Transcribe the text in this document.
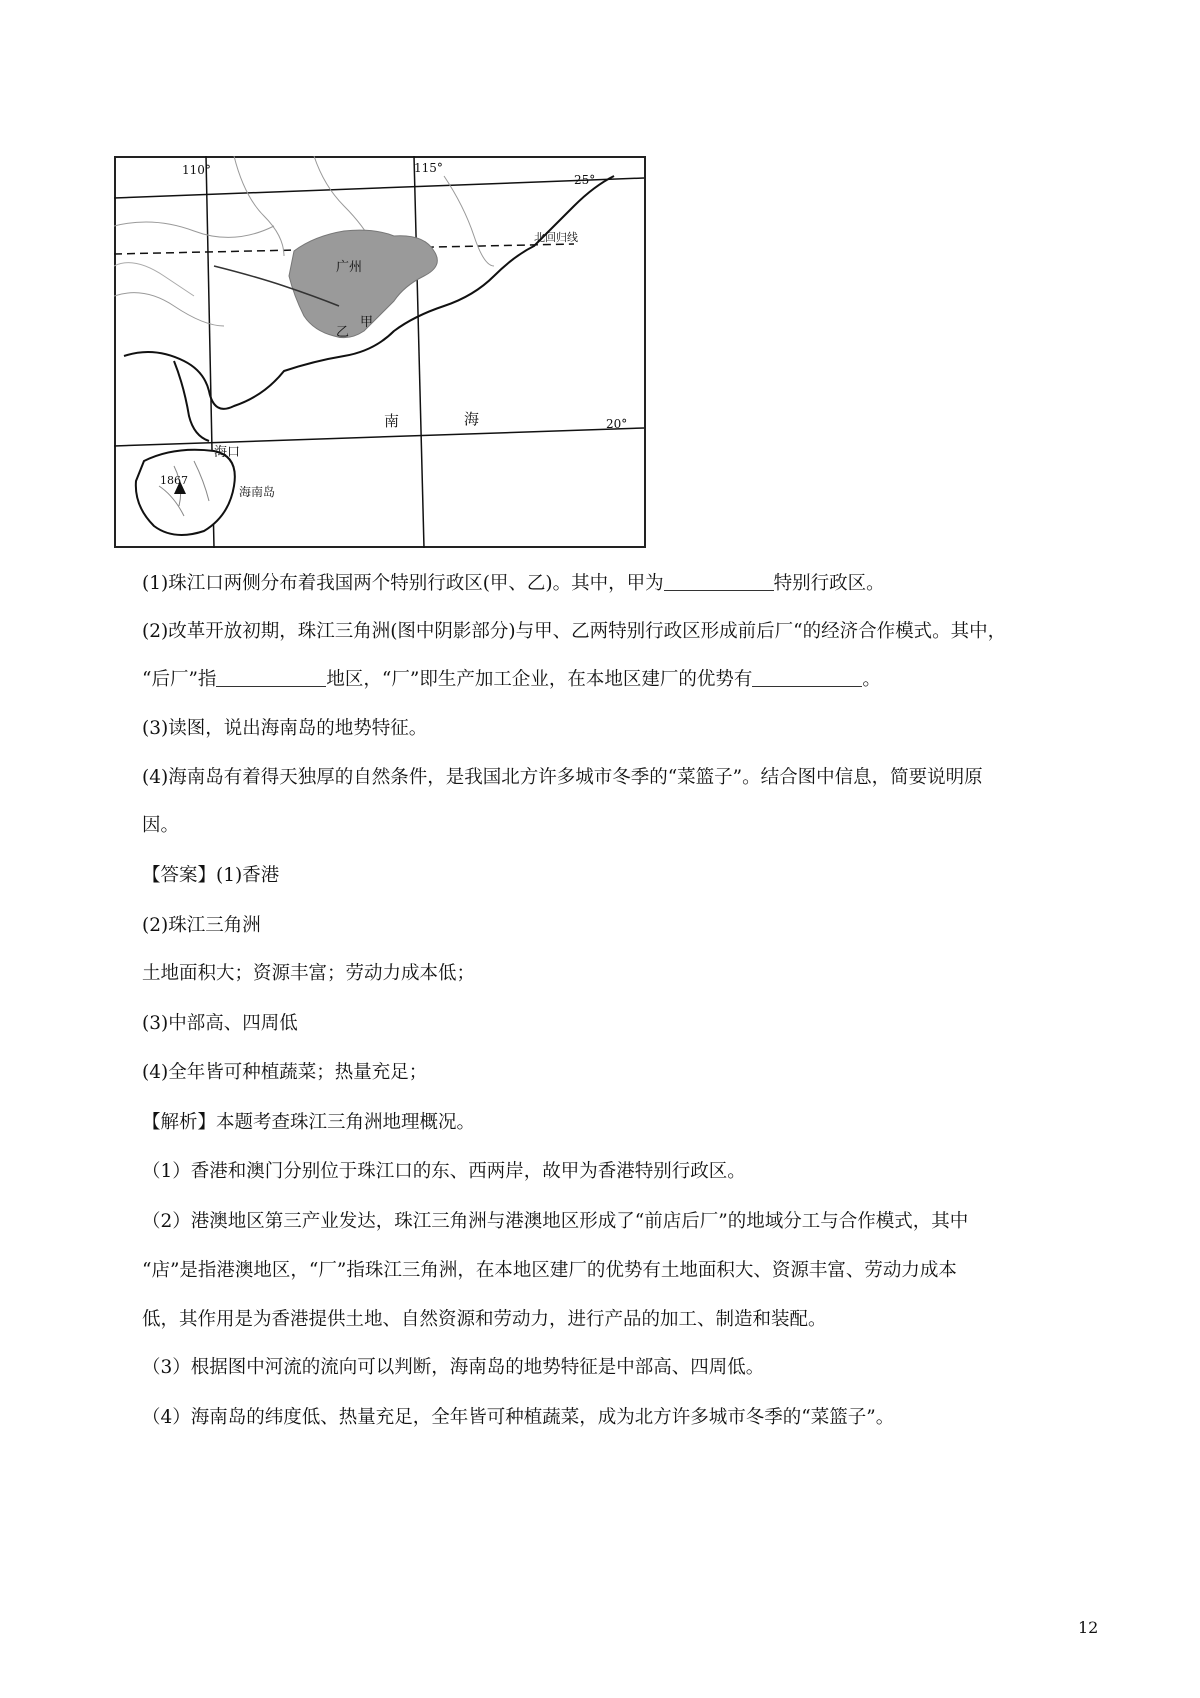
110°	115°
25°
20°
北回归线
广州
甲
乙
南	海
海口
1867
海南岛
(1)珠江口两侧分布着我国两个特别行政区(甲、乙)。其中，甲为	特别行政区。
(2)改革开放初期，珠江三角洲(图中阴影部分)与甲、乙两特别行政区形成前后厂“的经济合作模式。其中，
“后厂”指	地区，“厂”即生产加工企业，在本地区建厂的优势有	。
(3)读图，说出海南岛的地势特征。
(4)海南岛有着得天独厚的自然条件，是我国北方许多城市冬季的“菜篮子”。结合图中信息，简要说明原
因。
【答案】(1)香港
(2)珠江三角洲
土地面积大；资源丰富；劳动力成本低；
(3)中部高、四周低
(4)全年皆可种植蔬菜；热量充足；
【解析】本题考查珠江三角洲地理概况。
（1）香港和澳门分别位于珠江口的东、西两岸，故甲为香港特别行政区。
（2）港澳地区第三产业发达，珠江三角洲与港澳地区形成了“前店后厂”的地域分工与合作模式，其中
“店”是指港澳地区，“厂”指珠江三角洲，在本地区建厂的优势有土地面积大、资源丰富、劳动力成本
低，其作用是为香港提供土地、自然资源和劳动力，进行产品的加工、制造和装配。
（3）根据图中河流的流向可以判断，海南岛的地势特征是中部高、四周低。
（4）海南岛的纬度低、热量充足，全年皆可种植蔬菜，成为北方许多城市冬季的“菜篮子”。
12
